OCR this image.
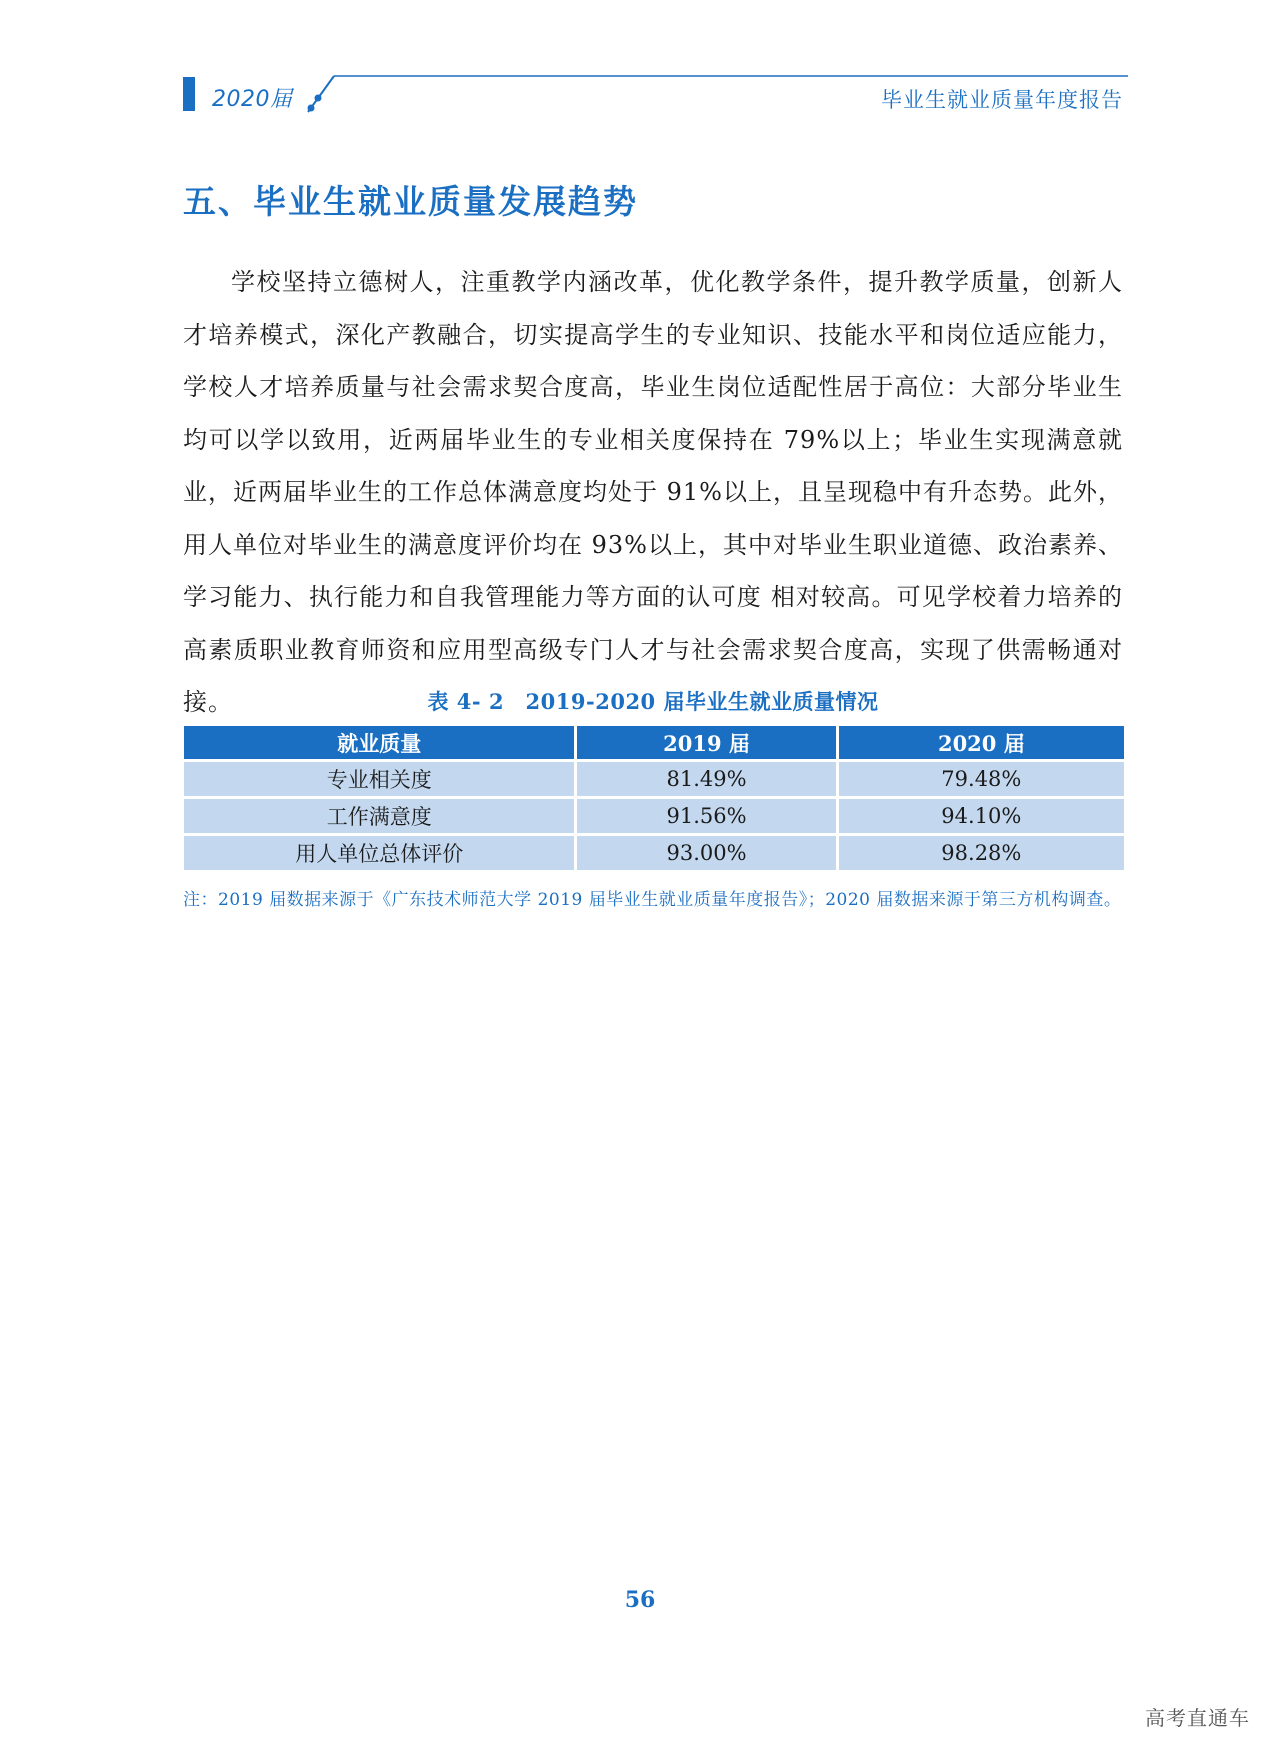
2020届	毕业生就业质量年度报告
五、毕业生就业质量发展趋势
学校坚持立德树人，注重教学内涵改革，优化教学条件，提升教学质量，创新人才培养模式，深化产教融合，切实提高学生的专业知识、技能水平和岗位适应能力，学校人才培养质量与社会需求契合度高，毕业生岗位适配性居于高位：大部分毕业生均可以学以致用，近两届毕业生的专业相关度保持在 79%以上；毕业生实现满意就业，近两届毕业生的工作总体满意度均处于 91%以上，且呈现稳中有升态势。此外，用人单位对毕业生的满意度评价均在 93%以上，其中对毕业生职业道德、政治素养、学习能力、执行能力和自我管理能力等方面的认可度 相对较高。可见学校着力培养的高素质职业教育师资和应用型高级专门人才与社会需求契合度高，实现了供需畅通对接。	表 4- 2　2019-2020 届毕业生就业质量情况
就业质量	2019 届	2020 届
专业相关度	81.49%	79.48%
工作满意度	91.56%	94.10%
用人单位总体评价	93.00%	98.28%
注：2019 届数据来源于《广东技术师范大学 2019 届毕业生就业质量年度报告》；2020 届数据来源于第三方机构调查。
56
高考直通车
